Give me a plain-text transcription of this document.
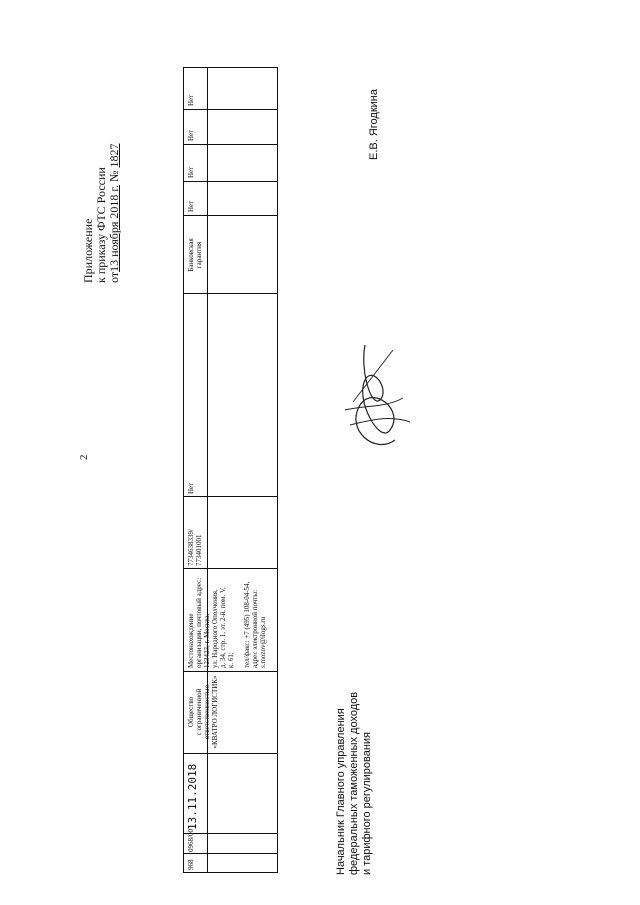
2
Приложение к приказу ФТС России от13 ноября 2018 г. № 1827
968
0968/00
13.11.2018
Общество с ограниченной ответственностью «КВАТРО ЛОГИСТИК»
Местонахождение организации, почтовый адрес: 123423, г. Москва, ул. Народного Ополчения, д. 34, стр. 1, эт. 2-й, пом. V, к. 61; тел/факс: +7 (495) 108-04-54, адрес электронной почты: s.mozov@ilogs.ru
7734638339/ 773401001
Нет
Банковская гарантия
Нет
Нет
Нет
Нет
Начальник Главного управления федеральных таможенных доходов и тарифного регулирования
Е.В. Ягодкина
